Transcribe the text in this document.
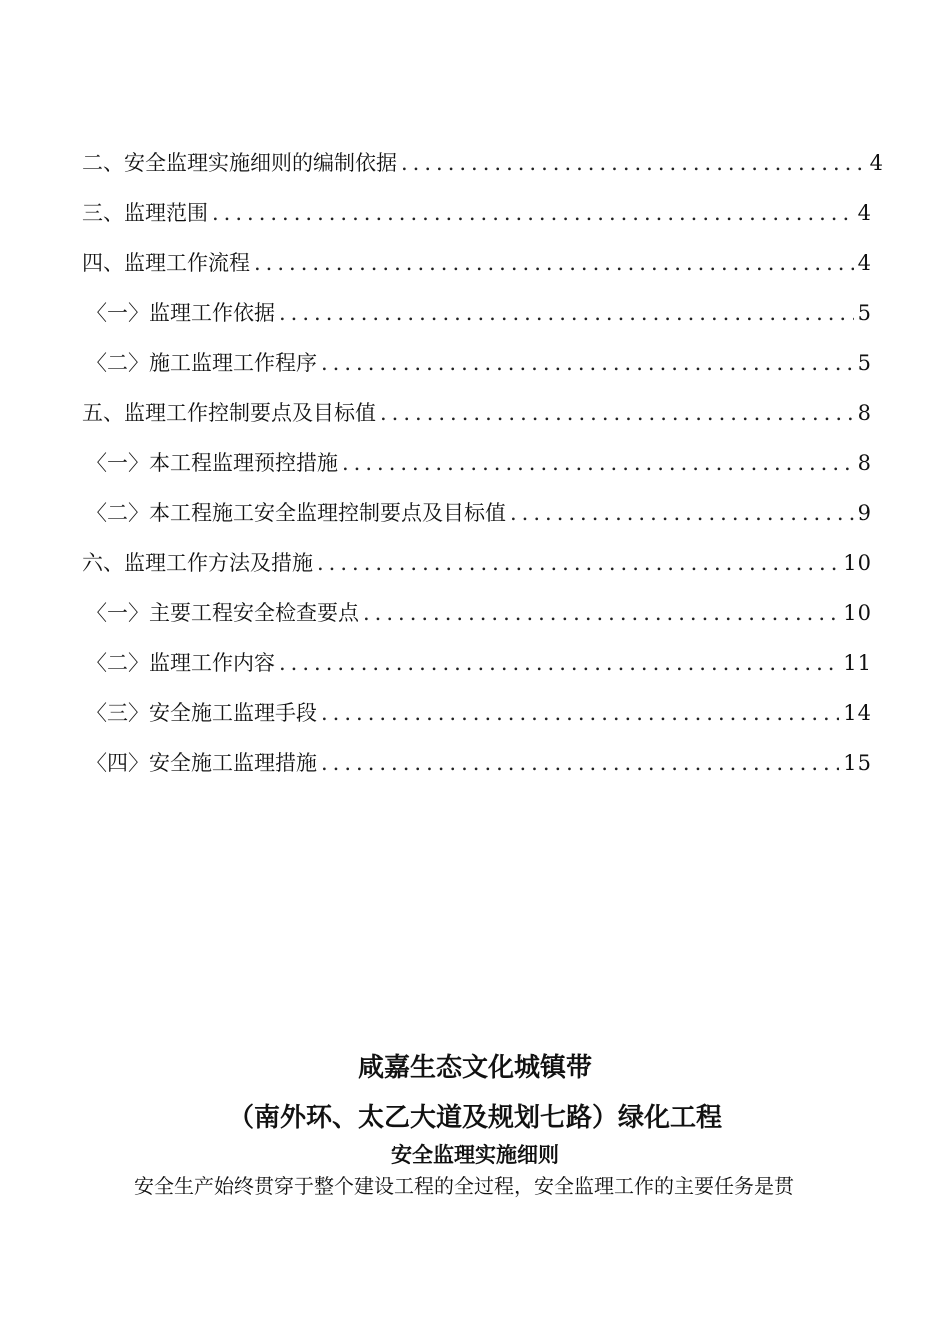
二、安全监理实施细则的编制依据 .....	4
三、监理范围 .....	4
四、监理工作流程 .....	4
〈一〉监理工作依据 .....	5
〈二〉施工监理工作程序 .....	5
五、监理工作控制要点及目标值 .....	8
〈一〉本工程监理预控措施 .....	8
〈二〉本工程施工安全监理控制要点及目标值 .....	9
六、监理工作方法及措施 .....	10
〈一〉主要工程安全检查要点 .....	10
〈二〉监理工作内容 .....	11
〈三〉安全施工监理手段 .....	14
〈四〉安全施工监理措施 .....	15
咸嘉生态文化城镇带
（南外环、太乙大道及规划七路）绿化工程
安全监理实施细则
安全生产始终贯穿于整个建设工程的全过程，安全监理工作的主要任务是贯
